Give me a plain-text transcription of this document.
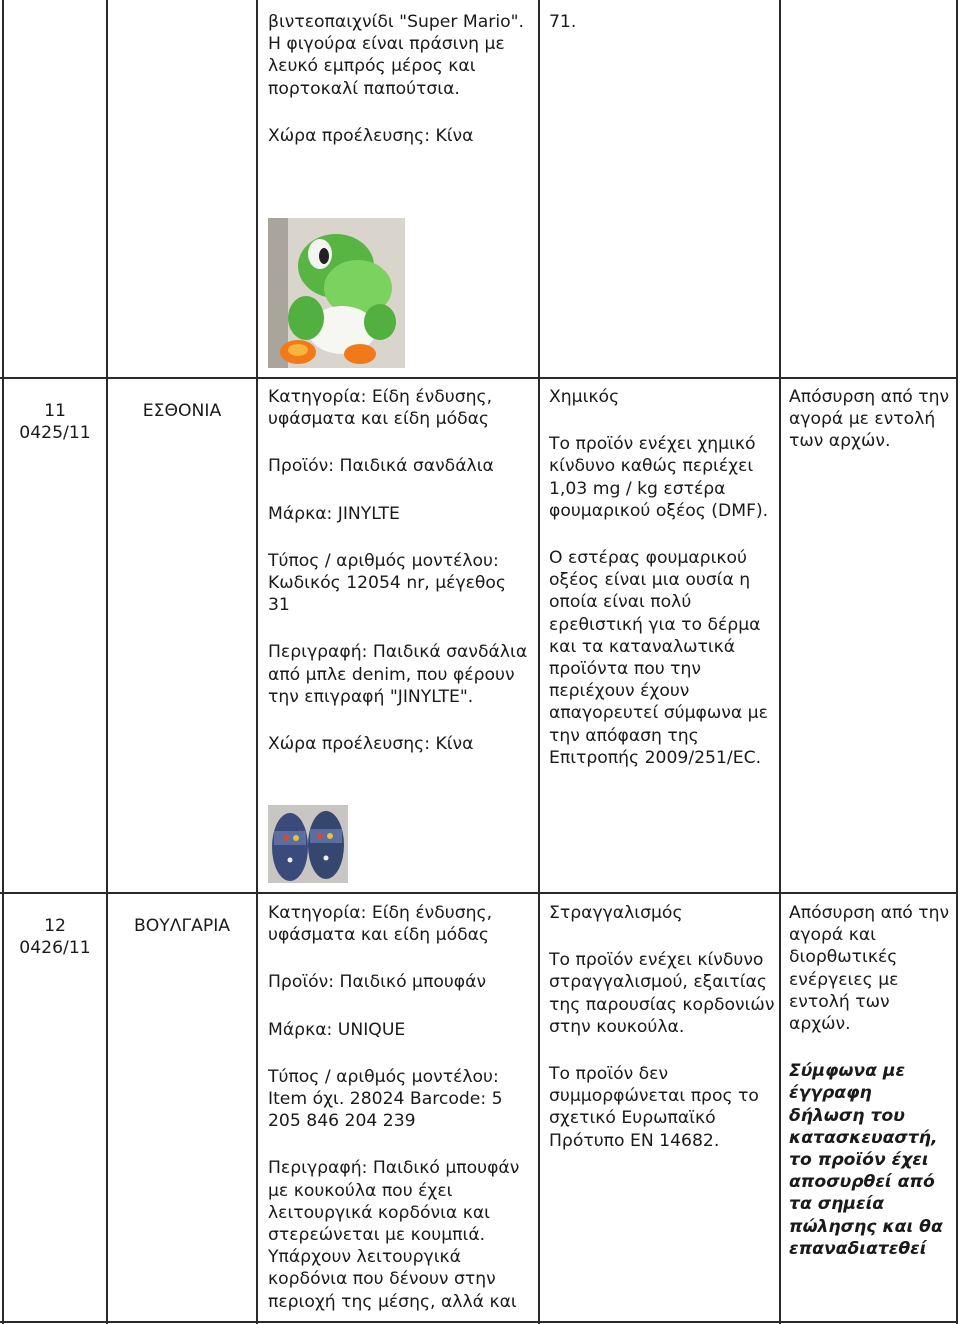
βιντεοπαιχνίδι "Super Mario". Η φιγούρα είναι πράσινη με λευκό εμπρός μέρος και πορτοκαλί παπούτσια.

Χώρα προέλευσης: Κίνα

71.

11
0425/11
ΕΣΘΟΝΙΑ

Κατηγορία: Είδη ένδυσης, υφάσματα και είδη μόδας

Προϊόν: Παιδικά σανδάλια

Μάρκα: JINYLTE

Τύπος / αριθμός μοντέλου: Κωδικός 12054 nr, μέγεθος 31

Περιγραφή: Παιδικά σανδάλια από μπλε denim, που φέρουν την επιγραφή "JINYLTE".

Χώρα προέλευσης: Κίνα

Χημικός

Το προϊόν ενέχει χημικό κίνδυνο καθώς περιέχει 1,03 mg / kg εστέρα φουμαρικού οξέος (DMF).

Ο εστέρας φουμαρικού οξέος είναι μια ουσία η οποία είναι πολύ ερεθιστική για το δέρμα και τα καταναλωτικά προϊόντα που την περιέχουν έχουν απαγορευτεί σύμφωνα με την απόφαση της Επιτροπής 2009/251/EC.

Απόσυρση από την αγορά με εντολή των αρχών.

12
0426/11
ΒΟΥΛΓΑΡΙΑ

Κατηγορία: Είδη ένδυσης, υφάσματα και είδη μόδας

Προϊόν: Παιδικό μπουφάν

Μάρκα: UNIQUE

Τύπος / αριθμός μοντέλου: Item όχι. 28024 Barcode: 5 205 846 204 239

Περιγραφή: Παιδικό μπουφάν με κουκούλα που έχει λειτουργικά κορδόνια και στερεώνεται με κουμπιά. Υπάρχουν λειτουργικά κορδόνια που δένουν στην περιοχή της μέσης, αλλά και

Στραγγαλισμός

Το προϊόν ενέχει κίνδυνο στραγγαλισμού, εξαιτίας της παρουσίας κορδονιών στην κουκούλα.

Το προϊόν δεν συμμορφώνεται προς το σχετικό Ευρωπαϊκό Πρότυπο EN 14682.

Απόσυρση από την αγορά και διορθωτικές ενέργειες με εντολή των αρχών.

Σύμφωνα με έγγραφη δήλωση του κατασκευαστή, το προϊόν έχει αποσυρθεί από τα σημεία πώλησης και θα επαναδιατεθεί
